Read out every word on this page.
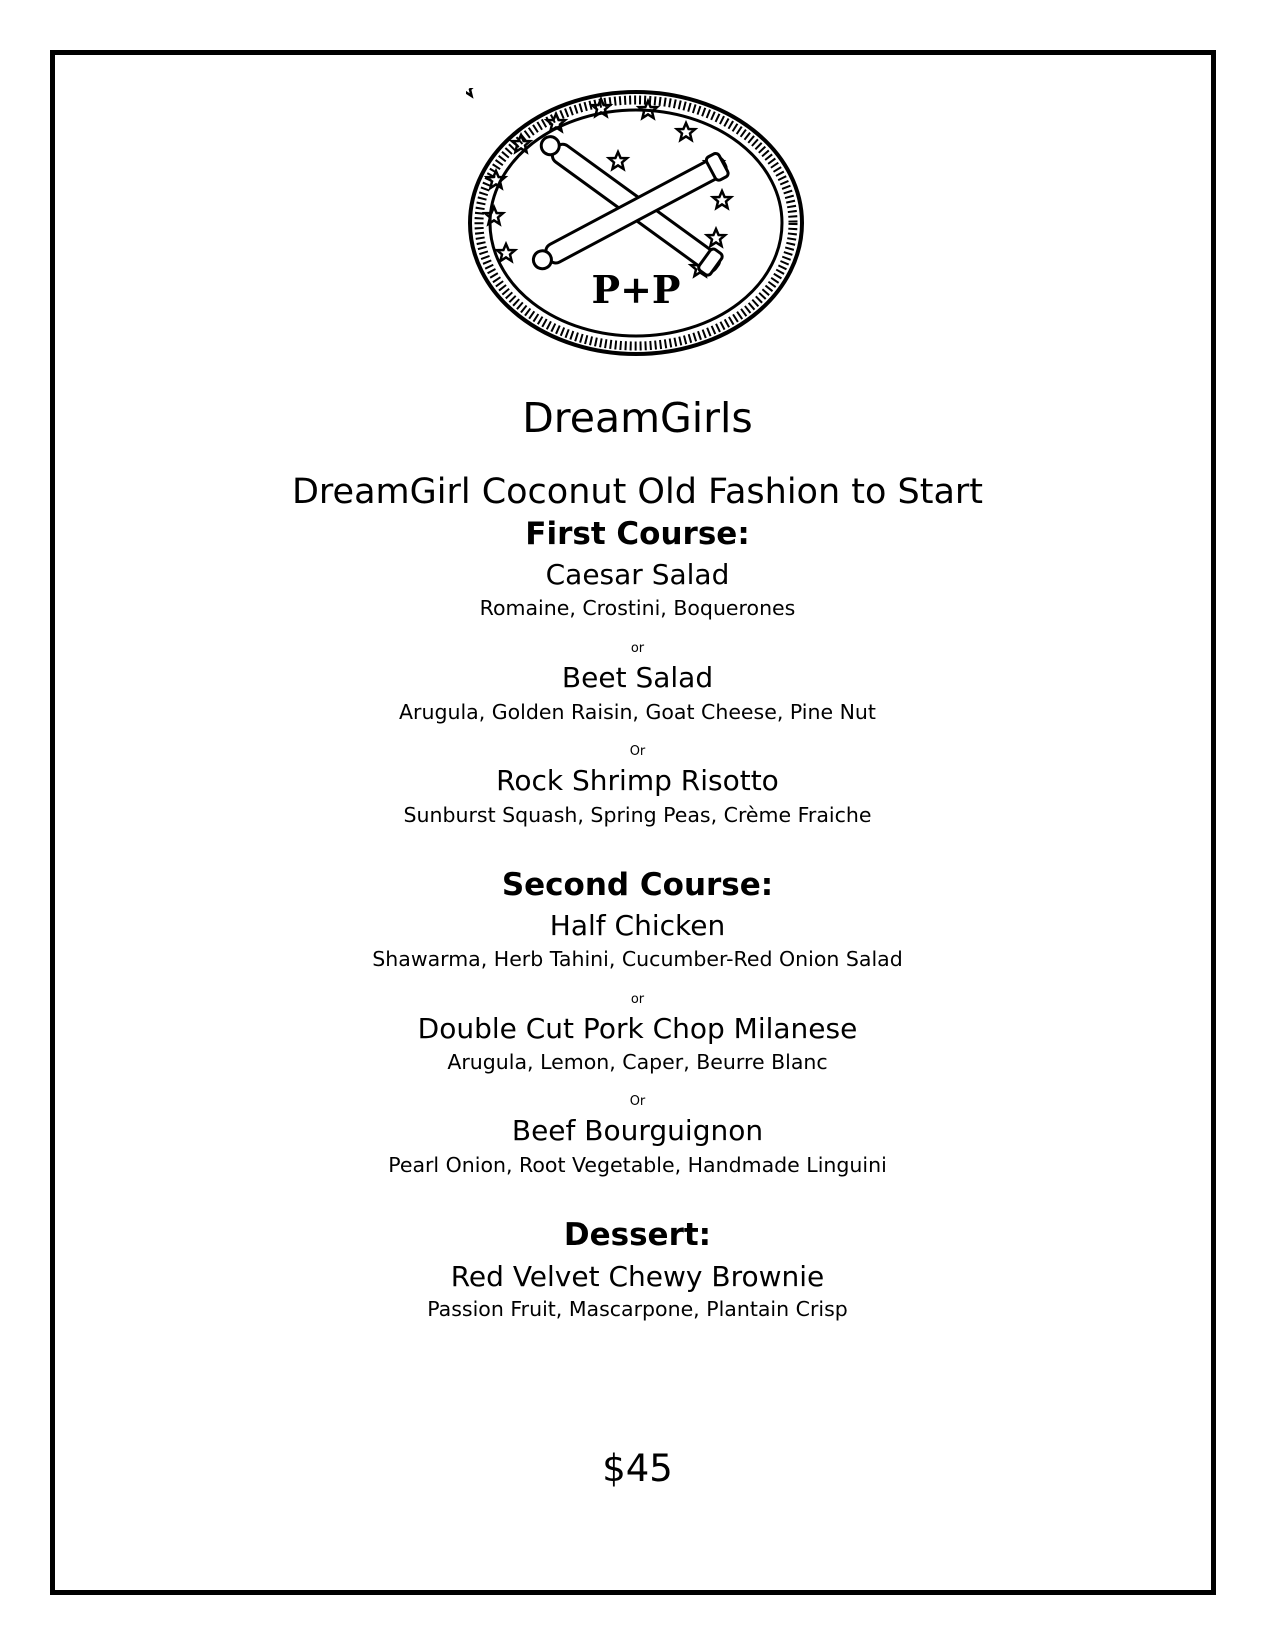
P+P
DreamGirls
DreamGirl Coconut Old Fashion to Start
First Course:
Caesar Salad
Romaine, Crostini, Boquerones
or
Beet Salad
Arugula, Golden Raisin, Goat Cheese, Pine Nut
Or
Rock Shrimp Risotto
Sunburst Squash, Spring Peas, Crème Fraiche
Second Course:
Half Chicken
Shawarma, Herb Tahini, Cucumber-Red Onion Salad
or
Double Cut Pork Chop Milanese
Arugula, Lemon, Caper, Beurre Blanc
Or
Beef Bourguignon
Pearl Onion, Root Vegetable, Handmade Linguini
Dessert:
Red Velvet Chewy Brownie
Passion Fruit, Mascarpone, Plantain Crisp
$45
